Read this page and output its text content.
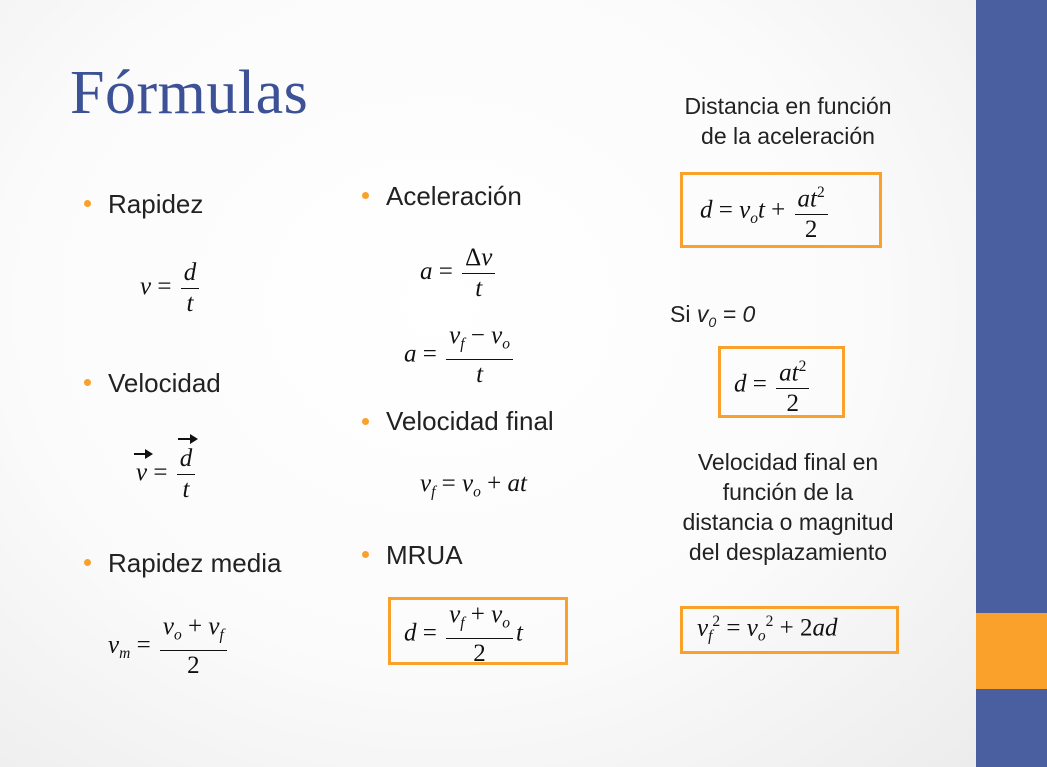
Fórmulas
Rapidez
$v = \frac{d}{t}$
Velocidad
$v = \frac{d}{t}$
Rapidez media
$v_m = \frac{v_o + v_f}{2}$
Aceleración
$a = \frac{\Delta v}{t}$
$a = \frac{v_f - v_o}{t}$
Velocidad final
$v_f = v_o$ + at
MRUA
$d = \frac{v_f + v_o}{2}$ t
Distancia en función
de la aceleración
$d = v_ot + \frac{at^2}{2}$
Si $v_0 = 0$
$d = \frac{at^2}{2}$
Velocidad final en
función de la
distancia o magnitud
del desplazamiento
$v_f^2 = v_o^2 + 2ad$
